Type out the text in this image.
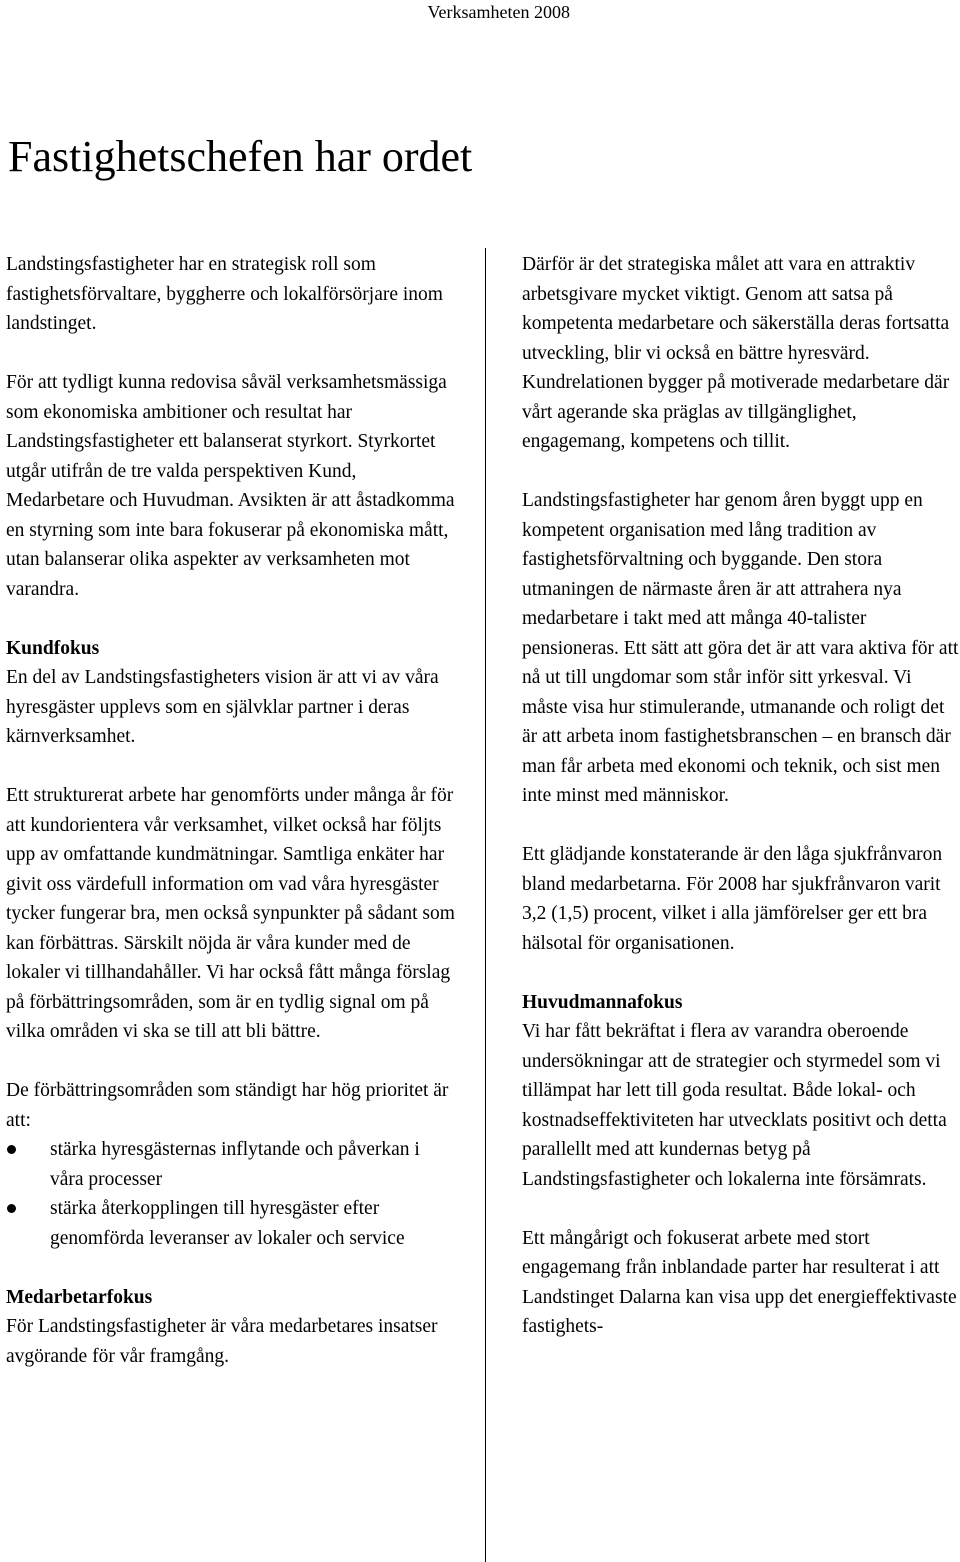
Verksamheten 2008
Fastighetschefen har ordet

Landstingsfastigheter har en strategisk roll som fastighetsförvaltare, byggherre och lokalförsörjare inom landstinget.

För att tydligt kunna redovisa såväl verksamhetsmässiga som ekonomiska ambitioner och resultat har Landstingsfastigheter ett balanserat styrkort. Styrkortet utgår utifrån de tre valda perspektiven Kund, Medarbetare och Huvudman. Avsikten är att åstadkomma en styrning som inte bara fokuserar på ekonomiska mått, utan balanserar olika aspekter av verksamheten mot varandra.

Kundfokus
En del av Landstingsfastigheters vision är att vi av våra hyresgäster upplevs som en självklar partner i deras kärnverksamhet.

Ett strukturerat arbete har genomförts under många år för att kundorientera vår verksamhet, vilket också har följts upp av omfattande kundmätningar. Samtliga enkäter har givit oss värdefull information om vad våra hyresgäster tycker fungerar bra, men också synpunkter på sådant som kan förbättras. Särskilt nöjda är våra kunder med de lokaler vi tillhandahåller. Vi har också fått många förslag på förbättringsområden, som är en tydlig signal om på vilka områden vi ska se till att bli bättre.

De förbättringsområden som ständigt har hög prioritet är att:

stärka hyresgästernas inflytande och påverkan i våra processer
stärka återkopplingen till hyresgäster efter genomförda leveranser av lokaler och service

Medarbetarfokus
För Landstingsfastigheter är våra medarbetares insatser avgörande för vår framgång.

Därför är det strategiska målet att vara en attraktiv arbetsgivare mycket viktigt. Genom att satsa på kompetenta medarbetare och säkerställa deras fortsatta utveckling, blir vi också en bättre hyresvärd. Kundrelationen bygger på motiverade medarbetare där vårt agerande ska präglas av tillgänglighet, engagemang, kompetens och tillit.

Landstingsfastigheter har genom åren byggt upp en kompetent organisation med lång tradition av fastighetsförvaltning och byggande. Den stora utmaningen de närmaste åren är att attrahera nya medarbetare i takt med att många 40-talister pensioneras. Ett sätt att göra det är att vara aktiva för att nå ut till ungdomar som står inför sitt yrkesval. Vi måste visa hur stimulerande, utmanande och roligt det är att arbeta inom fastighetsbranschen – en bransch där man får arbeta med ekonomi och teknik, och sist men inte minst med människor.

Ett glädjande konstaterande är den låga sjukfrånvaron bland medarbetarna. För 2008 har sjukfrånvaron varit 3,2 (1,5) procent, vilket i alla jämförelser ger ett bra hälsotal för organisationen.

Huvudmannafokus
Vi har fått bekräftat i flera av varandra oberoende undersökningar att de strategier och styrmedel som vi tillämpat har lett till goda resultat. Både lokal- och kostnadseffektiviteten har utvecklats positivt och detta parallellt med att kundernas betyg på Landstingsfastigheter och lokalerna inte försämrats.

Ett mångårigt och fokuserat arbete med stort engagemang från inblandade parter har resulterat i att Landstinget Dalarna kan visa upp det energieffektivaste fastighets-
